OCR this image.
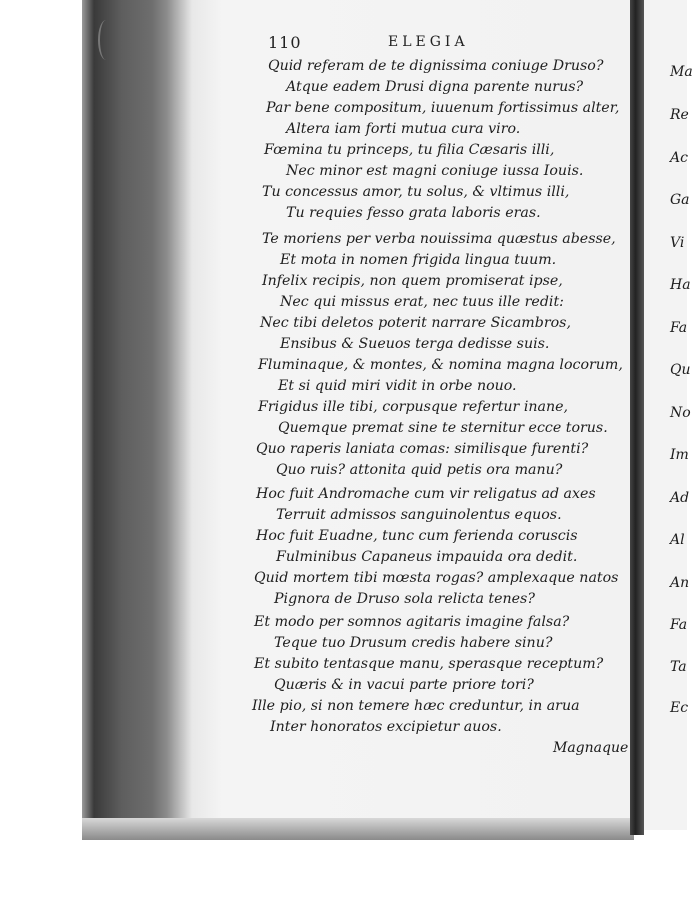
Ma
Re
Ac
Ga
Vi
Ha
Fa
Qu
No
Im
Ad
Al
An
Fa
Ta
Ec
110	ELEGIA
Quid referam de te dignissima coniuge Druso?
Atque eadem Drusi digna parente nurus?
Par bene compositum, iuuenum fortissimus alter,
Altera iam forti mutua cura viro.
Fœmina tu princeps, tu filia Cæsaris illi,
Nec minor est magni coniuge iussa Iouis.
Tu concessus amor, tu solus, & vltimus illi,
Tu requies fesso grata laboris eras.
Te moriens per verba nouissima quæstus abesse,
Et mota in nomen frigida lingua tuum.
Infelix recipis, non quem promiserat ipse,
Nec qui missus erat, nec tuus ille redit:
Nec tibi deletos poterit narrare Sicambros,
Ensibus & Sueuos terga dedisse suis.
Fluminaque, & montes, & nomina magna locorum,
Et si quid miri vidit in orbe nouo.
Frigidus ille tibi, corpusque refertur inane,
Quemque premat sine te sternitur ecce torus.
Quo raperis laniata comas: similisque furenti?
Quo ruis? attonita quid petis ora manu?
Hoc fuit Andromache cum vir religatus ad axes
Terruit admissos sanguinolentus equos.
Hoc fuit Euadne, tunc cum ferienda coruscis
Fulminibus Capaneus impauida ora dedit.
Quid mortem tibi mœsta rogas? amplexaque natos
Pignora de Druso sola relicta tenes?
Et modo per somnos agitaris imagine falsa?
Teque tuo Drusum credis habere sinu?
Et subito tentasque manu, sperasque receptum?
Quæris & in vacui parte priore tori?
Ille pio, si non temere hæc creduntur, in arua
Inter honoratos excipietur auos.
Magnaque
